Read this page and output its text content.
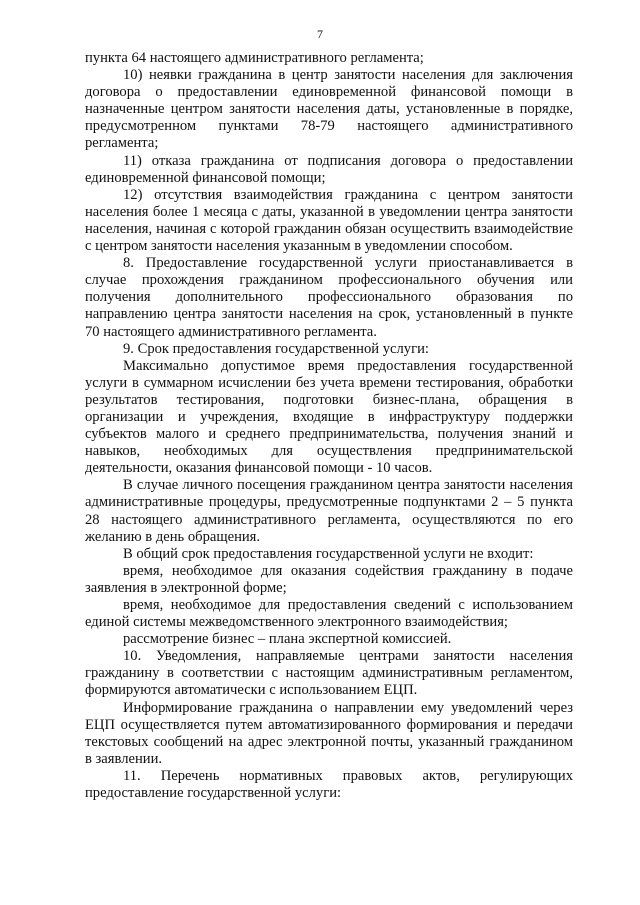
7

пункта 64 настоящего административного регламента;

10) неявки гражданина в центр занятости населения для заключения договора о предоставлении единовременной финансовой помощи в назначенные центром занятости населения даты, установленные в порядке, предусмотренном пунктами 78-79 настоящего административного регламента;

11) отказа гражданина от подписания договора о предоставлении единовременной финансовой помощи;

12) отсутствия взаимодействия гражданина с центром занятости населения более 1 месяца с даты, указанной в уведомлении центра занятости населения, начиная с которой гражданин обязан осуществить взаимодействие с центром занятости населения указанным в уведомлении способом.

8. Предоставление государственной услуги приостанавливается в случае прохождения гражданином профессионального обучения или получения дополнительного профессионального образования по направлению центра занятости населения на срок, установленный в пункте 70 настоящего административного регламента.

9. Срок предоставления государственной услуги:

Максимально допустимое время предоставления государственной услуги в суммарном исчислении без учета времени тестирования, обработки результатов тестирования, подготовки бизнес-плана, обращения в организации и учреждения, входящие в инфраструктуру поддержки субъектов малого и среднего предпринимательства, получения знаний и навыков, необходимых для осуществления предпринимательской деятельности, оказания финансовой помощи - 10 часов.

В случае личного посещения гражданином центра занятости населения административные процедуры, предусмотренные подпунктами 2 – 5 пункта 28 настоящего административного регламента, осуществляются по его желанию в день обращения.

В общий срок предоставления государственной услуги не входит:

время, необходимое для оказания содействия гражданину в подаче заявления в электронной форме;

время, необходимое для предоставления сведений с использованием единой системы межведомственного электронного взаимодействия;

рассмотрение бизнес – плана экспертной комиссией.

10. Уведомления, направляемые центрами занятости населения гражданину в соответствии с настоящим административным регламентом, формируются автоматически с использованием ЕЦП.

Информирование гражданина о направлении ему уведомлений через ЕЦП осуществляется путем автоматизированного формирования и передачи текстовых сообщений на адрес электронной почты, указанный гражданином в заявлении.

11. Перечень нормативных правовых актов, регулирующих предоставление государственной услуги:
